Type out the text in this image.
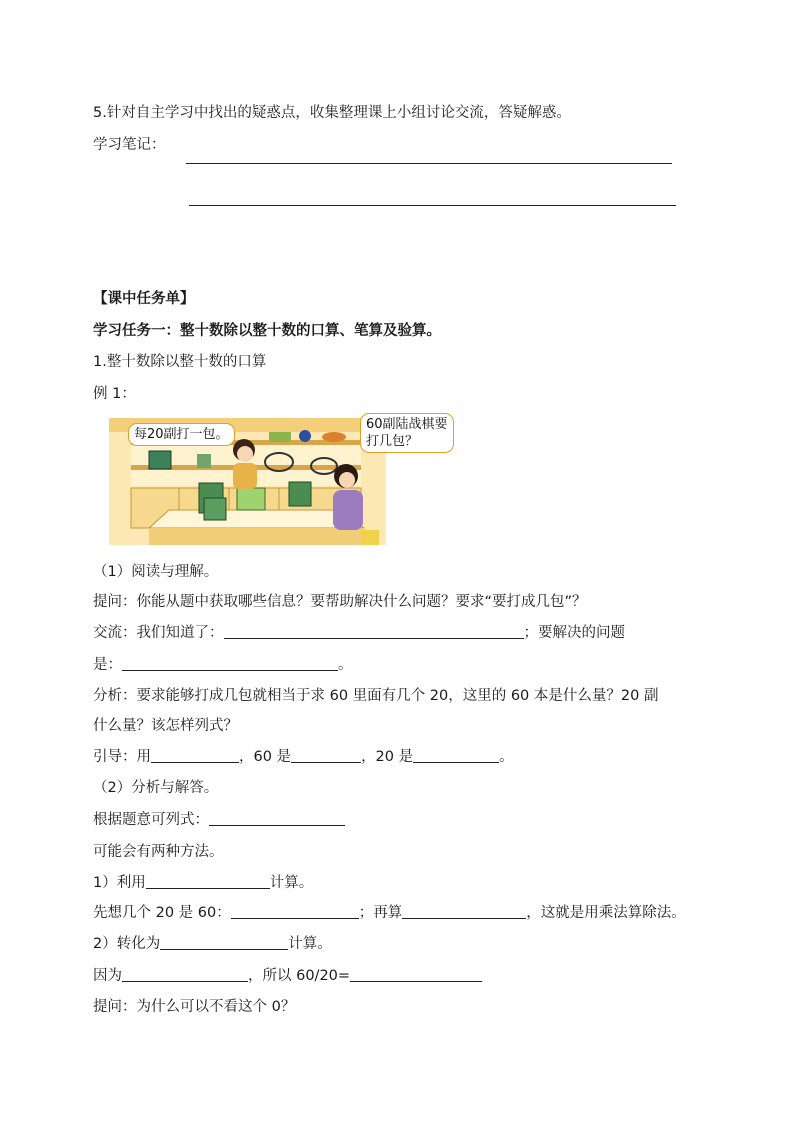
5.针对自主学习中找出的疑惑点，收集整理课上小组讨论交流，答疑解惑。
学习笔记：
【课中任务单】
学习任务一：整十数除以整十数的口算、笔算及验算。
1.整十数除以整十数的口算
例 1：
每20副打一包。
60副陆战棋要
打几包？
（1）阅读与理解。
提问：你能从题中获取哪些信息？要帮助解决什么问题？要求“要打成几包”？
交流：我们知道了：	；要解决的问题
是：	。
分析：要求能够打成几包就相当于求 60 里面有几个 20，这里的 60 本是什么量？20 副
什么量？该怎样列式？
引导：用	，60 是	，20 是	。
（2）分析与解答。
根据题意可列式：
可能会有两种方法。
1）利用	计算。
先想几个 20 是 60：	；再算	，这就是用乘法算除法。
2）转化为	计算。
因为	，所以 60/20=
提问：为什么可以不看这个 0？
